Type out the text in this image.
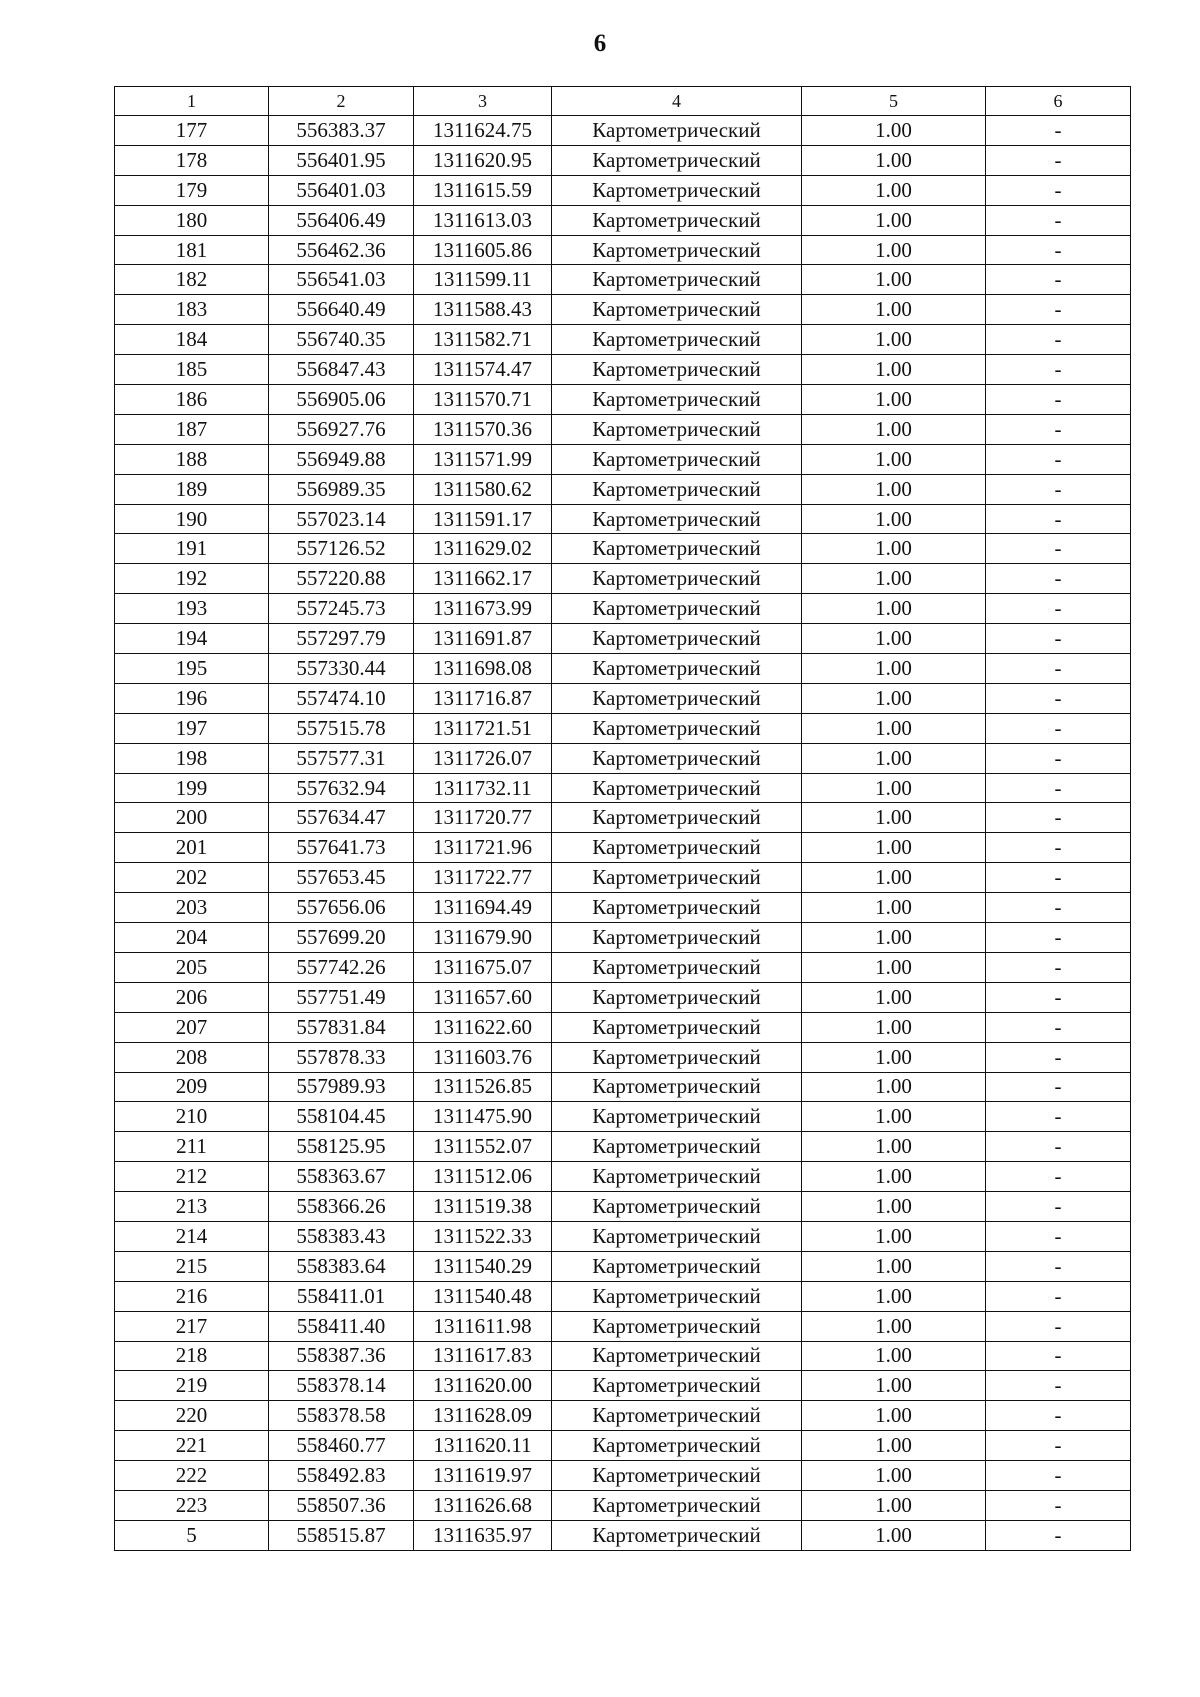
6
1	2	3	4	5	6
177	556383.37	1311624.75	Картометрический	1.00	-
178	556401.95	1311620.95	Картометрический	1.00	-
179	556401.03	1311615.59	Картометрический	1.00	-
180	556406.49	1311613.03	Картометрический	1.00	-
181	556462.36	1311605.86	Картометрический	1.00	-
182	556541.03	1311599.11	Картометрический	1.00	-
183	556640.49	1311588.43	Картометрический	1.00	-
184	556740.35	1311582.71	Картометрический	1.00	-
185	556847.43	1311574.47	Картометрический	1.00	-
186	556905.06	1311570.71	Картометрический	1.00	-
187	556927.76	1311570.36	Картометрический	1.00	-
188	556949.88	1311571.99	Картометрический	1.00	-
189	556989.35	1311580.62	Картометрический	1.00	-
190	557023.14	1311591.17	Картометрический	1.00	-
191	557126.52	1311629.02	Картометрический	1.00	-
192	557220.88	1311662.17	Картометрический	1.00	-
193	557245.73	1311673.99	Картометрический	1.00	-
194	557297.79	1311691.87	Картометрический	1.00	-
195	557330.44	1311698.08	Картометрический	1.00	-
196	557474.10	1311716.87	Картометрический	1.00	-
197	557515.78	1311721.51	Картометрический	1.00	-
198	557577.31	1311726.07	Картометрический	1.00	-
199	557632.94	1311732.11	Картометрический	1.00	-
200	557634.47	1311720.77	Картометрический	1.00	-
201	557641.73	1311721.96	Картометрический	1.00	-
202	557653.45	1311722.77	Картометрический	1.00	-
203	557656.06	1311694.49	Картометрический	1.00	-
204	557699.20	1311679.90	Картометрический	1.00	-
205	557742.26	1311675.07	Картометрический	1.00	-
206	557751.49	1311657.60	Картометрический	1.00	-
207	557831.84	1311622.60	Картометрический	1.00	-
208	557878.33	1311603.76	Картометрический	1.00	-
209	557989.93	1311526.85	Картометрический	1.00	-
210	558104.45	1311475.90	Картометрический	1.00	-
211	558125.95	1311552.07	Картометрический	1.00	-
212	558363.67	1311512.06	Картометрический	1.00	-
213	558366.26	1311519.38	Картометрический	1.00	-
214	558383.43	1311522.33	Картометрический	1.00	-
215	558383.64	1311540.29	Картометрический	1.00	-
216	558411.01	1311540.48	Картометрический	1.00	-
217	558411.40	1311611.98	Картометрический	1.00	-
218	558387.36	1311617.83	Картометрический	1.00	-
219	558378.14	1311620.00	Картометрический	1.00	-
220	558378.58	1311628.09	Картометрический	1.00	-
221	558460.77	1311620.11	Картометрический	1.00	-
222	558492.83	1311619.97	Картометрический	1.00	-
223	558507.36	1311626.68	Картометрический	1.00	-
5	558515.87	1311635.97	Картометрический	1.00	-
